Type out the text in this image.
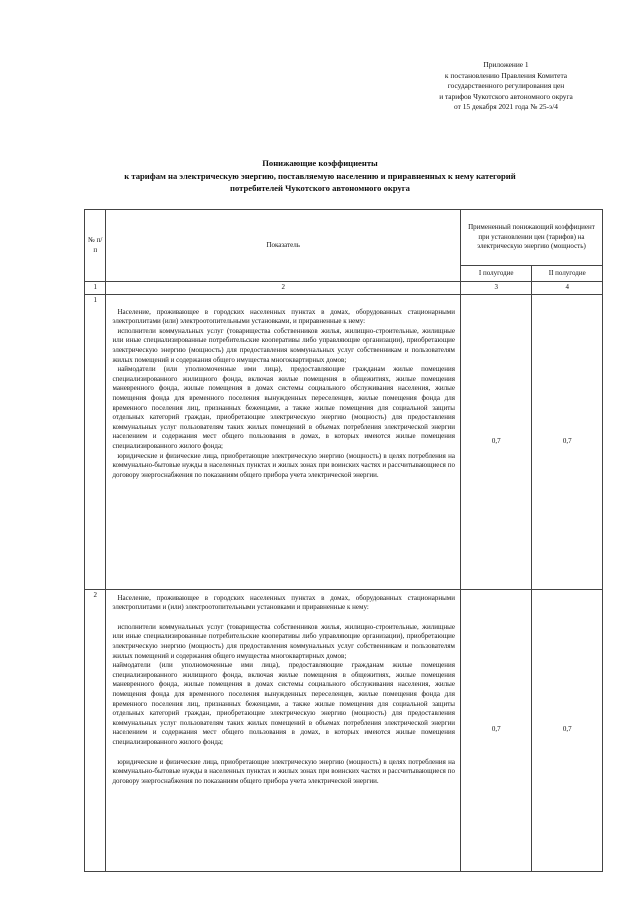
Приложение 1
к постановлению Правления Комитета
государственного регулирования цен
и тарифов Чукотского автономного округа
от 15 декабря 2021 года № 25-э/4
Понижающие коэффициенты
к тарифам на электрическую энергию, поставляемую населению и приравненных к нему категорий
потребителей Чукотского автономного округа
№ п/п	Показатель	Примененный понижающий коэффициент при установлении цен (тарифов) на электрическую энергию (мощность)	
		I полугодие	II полугодие
1	2	3	4
1	Население, проживающее в городских населенных пунктах в домах, оборудованных стационарными электроплитами (или) электроотопительными установками, и приравненные к нему:

исполнители коммунальных услуг (товарищества собственников жилья, жилищно-строительные, жилищные или иные специализированные потребительские кооперативы либо управляющие организации), приобретающие электрическую энергию (мощность) для предоставления коммунальных услуг собственникам и пользователям жилых помещений и содержания общего имущества многоквартирных домов;

наймодатели (или уполномоченные ими лица), предоставляющие гражданам жилые помещения специализированного жилищного фонда, включая жилые помещения в общежитиях, жилые помещения маневренного фонда, жилые помещения в домах системы социального обслуживания населения, жилые помещения фонда для временного поселения вынужденных переселенцев, жилые помещения фонда для временного поселения лиц, признанных беженцами, а также жилые помещения для социальной защиты отдельных категорий граждан, приобретающие электрическую энергию (мощность) для предоставления коммунальных услуг пользователям таких жилых помещений в объемах потребления электрической энергии населением и содержания мест общего пользования в домах, в которых имеются жилые помещения специализированного жилого фонда;

юридические и физические лица, приобретающие электрическую энергию (мощность) в целях потребления на коммунально-бытовые нужды в населенных пунктах и жилых зонах при воинских частях и рассчитывающиеся по договору энергоснабжения по показаниям общего прибора учета электрической энергии.	0,7	0,7
2	Население, проживающее в городских населенных пунктах в домах, оборудованных стационарными электроплитами и (или) электроотопительными установками и приравненные к нему:

исполнители коммунальных услуг (товарищества собственников жилья, жилищно-строительные, жилищные или иные специализированные потребительские кооперативы либо управляющие организации), приобретающие электрическую энергию (мощность) для предоставления коммунальных услуг собственникам и пользователям жилых помещений и содержания общего имущества многоквартирных домов;

наймодатели (или уполномоченные ими лица), предоставляющие гражданам жилые помещения специализированного жилищного фонда, включая жилые помещения в общежитиях, жилые помещения маневренного фонда, жилые помещения в домах системы социального обслуживания населения, жилые помещения фонда для временного поселения вынужденных переселенцев, жилые помещения фонда для временного поселения лиц, признанных беженцами, а также жилые помещения для социальной защиты отдельных категорий граждан, приобретающие электрическую энергию (мощность) для предоставления коммунальных услуг пользователям таких жилых помещений в объемах потребления электрической энергии населением и содержания мест общего пользования в домах, в которых имеются жилые помещения специализированного жилого фонда;

юридические и физические лица, приобретающие электрическую энергию (мощность) в целях потребления на коммунально-бытовые нужды в населенных пунктах и жилых зонах при воинских частях и рассчитывающиеся по договору энергоснабжения по показаниям общего прибора учета электрической энергии.	0,7	0,7
